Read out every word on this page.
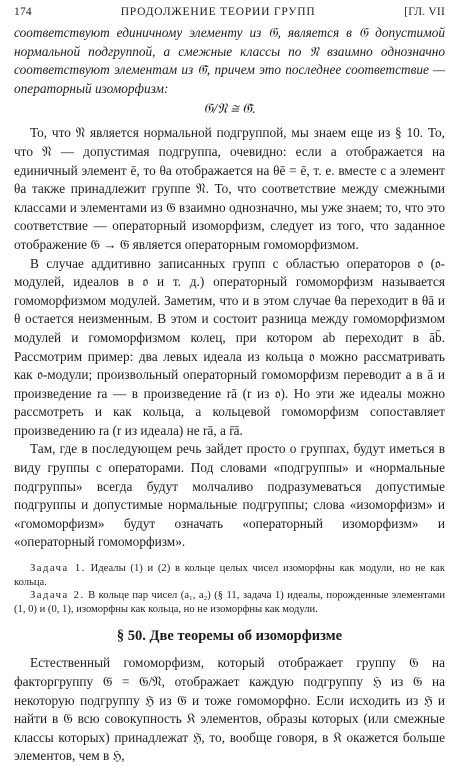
174	ПРОДОЛЖЕНИЕ ТЕОРИИ ГРУПП	[ГЛ. VII

соответствуют единичному элементу из 𝔊, является в 𝔊 допустимой нормальной подгруппой, а смежные классы по 𝔑 взаимно однозначно соответствуют элементам из 𝔊̄, причем это последнее соответствие — операторный изоморфизм:

𝔊/𝔑 ≅ 𝔊̄.

То, что 𝔑 является нормальной подгруппой, мы знаем еще из § 10. То, что 𝔑 — допустимая подгруппа, очевидно: если a отображается на единичный элемент ē, то θa отображается на θē = ē, т. е. вместе с a элемент θa также принадлежит группе 𝔑. То, что соответствие между смежными классами и элементами из 𝔊̄ взаимно однозначно, мы уже знаем; то, что это соответствие — операторный изоморфизм, следует из того, что заданное отображение 𝔊 → 𝔊̄ является операторным гомоморфизмом.

В случае аддитивно записанных групп с областью операторов 𝔬 (𝔬-модулей, идеалов в 𝔬 и т. д.) операторный гомоморфизм называется гомоморфизмом модулей. Заметим, что и в этом случае θa переходит в θā и θ остается неизменным. В этом и состоит разница между гомоморфизмом модулей и гомоморфизмом колец, при котором ab переходит в āb̄. Рассмотрим пример: два левых идеала из кольца 𝔬 можно рассматривать как 𝔬-модули; произвольный операторный гомоморфизм переводит a в ā и произведение ra — в произведение rā (r из 𝔬). Но эти же идеалы можно рассмотреть и как кольца, а кольцевой гомоморфизм сопоставляет произведению ra (r из идеала) не rā, а r̄ā.

Там, где в последующем речь зайдет просто о группах, будут иметься в виду группы с операторами. Под словами «подгруппы» и «нормальные подгруппы» всегда будут молчаливо подразумеваться допустимые подгруппы и допустимые нормальные подгруппы; слова «изоморфизм» и «гомоморфизм» будут означать «операторный изоморфизм» и «операторный гомоморфизм».

Задача 1. Идеалы (1) и (2) в кольце целых чисел изоморфны как модули, но не как кольца.

Задача 2. В кольце пар чисел (a₁, a₂) (§ 11, задача 1) идеалы, порожденные элементами (1, 0) и (0, 1), изоморфны как кольца, но не изоморфны как модули.

§ 50. Две теоремы об изоморфизме

Естественный гомоморфизм, который отображает группу 𝔊 на факторгруппу 𝔊̄ = 𝔊/𝔑, отображает каждую подгруппу ℌ из 𝔊 на некоторую подгруппу ℌ̄ из 𝔊̄ и тоже гомоморфно. Если исходить из ℌ̄ и найти в 𝔊 всю совокупность 𝔎 элементов, образы которых (или смежные классы которых) принадлежат ℌ̄, то, вообще говоря, в 𝔎 окажется больше элементов, чем в ℌ,
